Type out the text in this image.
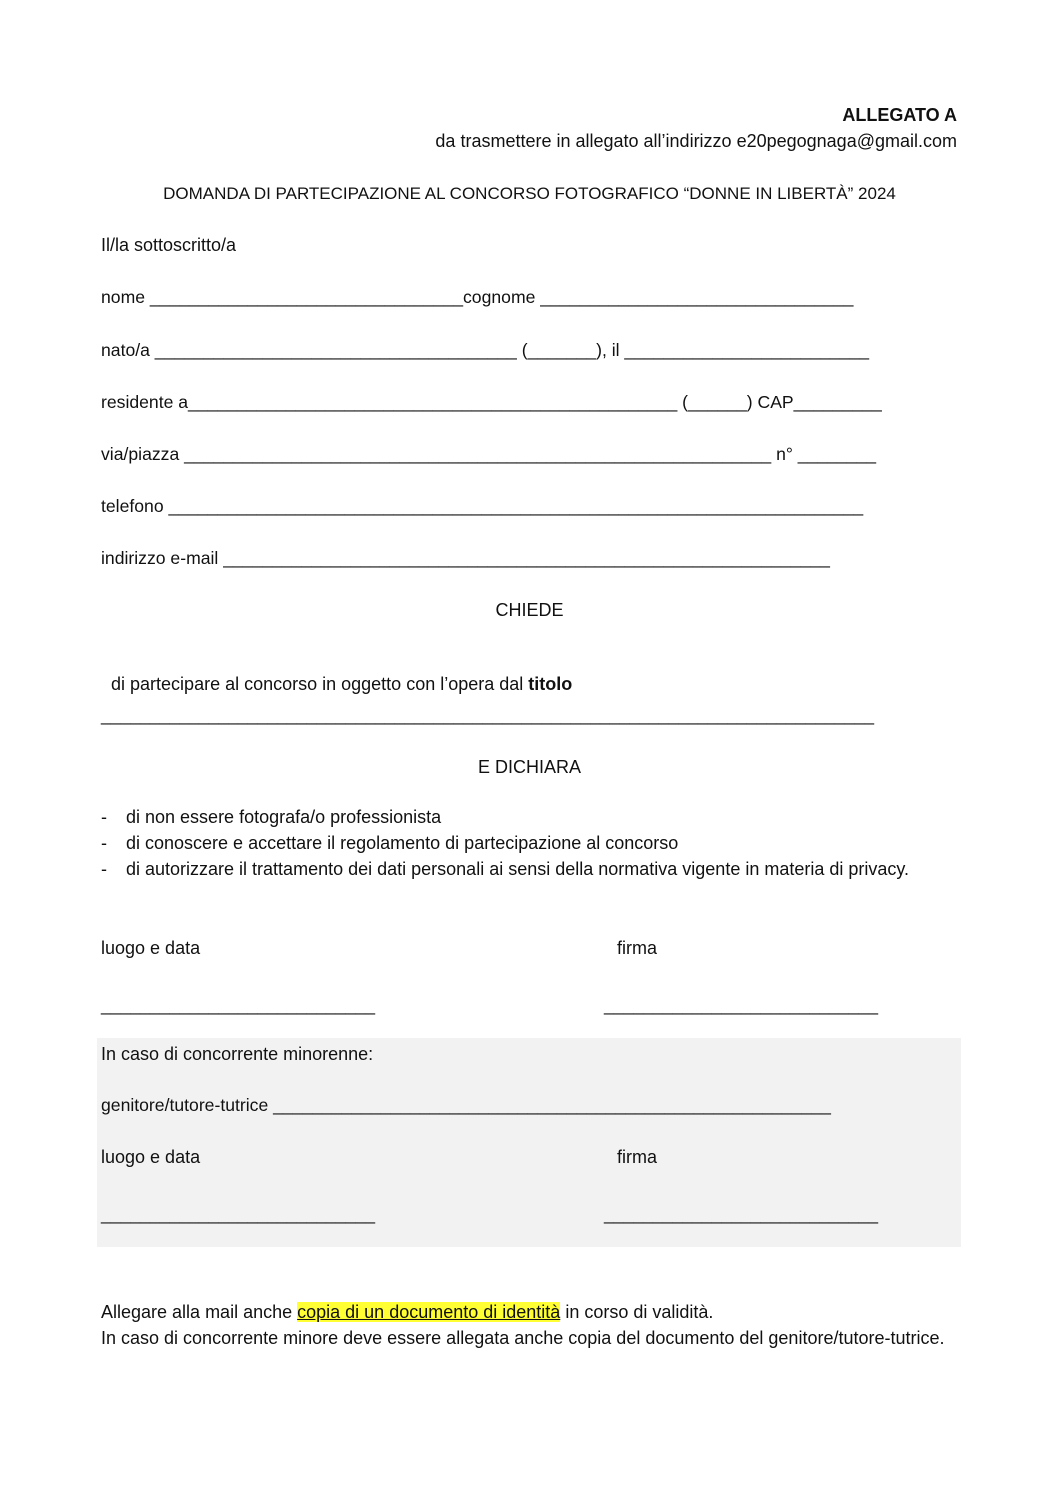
ALLEGATO A
da trasmettere in allegato all’indirizzo e20pegognaga@gmail.com
DOMANDA DI PARTECIPAZIONE AL CONCORSO FOTOGRAFICO “DONNE IN LIBERTÀ” 2024
Il/la sottoscritto/a
nome ________________________________cognome ________________________________
nato/a _____________________________________ (_______), il _________________________
residente a__________________________________________________ (______) CAP_________
via/piazza ____________________________________________________________ n° ________
telefono _______________________________________________________________________
indirizzo e-mail ______________________________________________________________
CHIEDE

di partecipare al concorso in oggetto con l’opera dal titolo

_______________________________________________________________________________
E DICHIARA
- di non essere fotografa/o professionista
- di conoscere e accettare il regolamento di partecipazione al concorso
- di autorizzare il trattamento dei dati personali ai sensi della normativa vigente in materia di privacy.
luogo e data	firma
____________________________	____________________________
In caso di concorrente minorenne:
genitore/tutore-tutrice _________________________________________________________
luogo e data	firma
____________________________	____________________________
Allegare alla mail anche copia di un documento di identità in corso di validità.
In caso di concorrente minore deve essere allegata anche copia del documento del genitore/tutore-tutrice.
